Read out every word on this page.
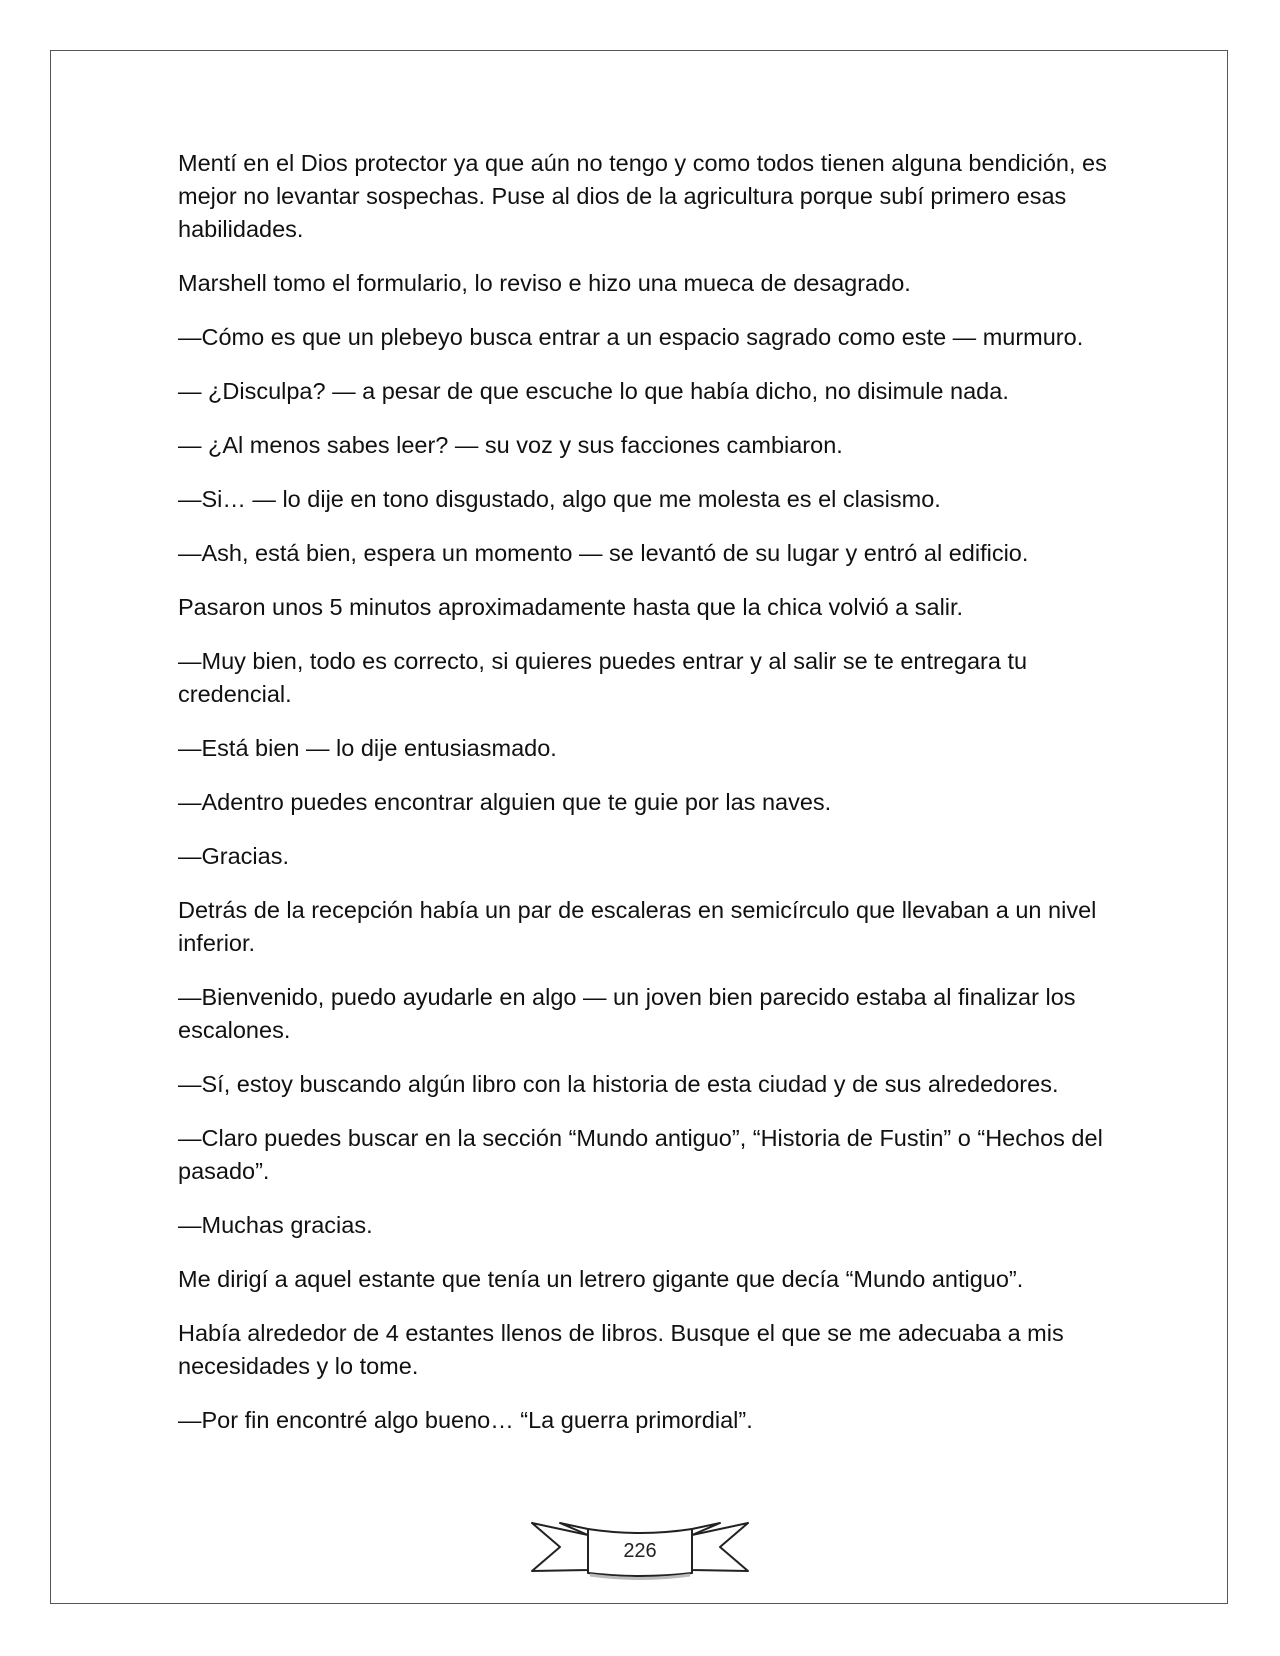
Mentí en el Dios protector ya que aún no tengo y como todos tienen alguna bendición, es mejor no levantar sospechas. Puse al dios de la agricultura porque subí primero esas habilidades.

Marshell tomo el formulario, lo reviso e hizo una mueca de desagrado.

—Cómo es que un plebeyo busca entrar a un espacio sagrado como este — murmuro.

— ¿Disculpa? — a pesar de que escuche lo que había dicho, no disimule nada.

— ¿Al menos sabes leer? — su voz y sus facciones cambiaron.

—Si… — lo dije en tono disgustado, algo que me molesta es el clasismo.

—Ash, está bien, espera un momento — se levantó de su lugar y entró al edificio.

Pasaron unos 5 minutos aproximadamente hasta que la chica volvió a salir.

—Muy bien, todo es correcto, si quieres puedes entrar y al salir se te entregara tu credencial.

—Está bien — lo dije entusiasmado.

—Adentro puedes encontrar alguien que te guie por las naves.

—Gracias.

Detrás de la recepción había un par de escaleras en semicírculo que llevaban a un nivel inferior.

—Bienvenido, puedo ayudarle en algo — un joven bien parecido estaba al finalizar los escalones.

—Sí, estoy buscando algún libro con la historia de esta ciudad y de sus alrededores.

—Claro puedes buscar en la sección “Mundo antiguo”, “Historia de Fustin” o “Hechos del pasado”.

—Muchas gracias.

Me dirigí a aquel estante que tenía un letrero gigante que decía “Mundo antiguo”.

Había alrededor de 4 estantes llenos de libros. Busque el que se me adecuaba a mis necesidades y lo tome.

—Por fin encontré algo bueno… “La guerra primordial”.

226
